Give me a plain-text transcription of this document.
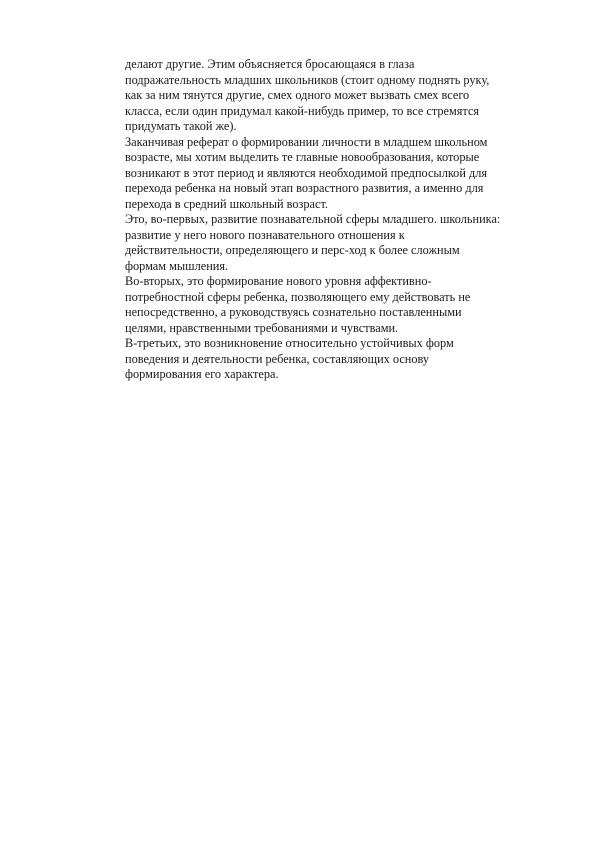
делают другие. Этим объясняется бросающаяся в глаза
подражательность младших школьников (стоит одному поднять руку,
как за ним тянутся другие, смех одного может вызвать смех всего
класса, если один придумал какой-нибудь пример, то все стремятся
придумать такой же).
Заканчивая реферат о формировании личности в младшем школьном
возрасте, мы хотим выделить те главные новообразования, которые
возникают в этот период и являются необходимой предпосылкой для
перехода ребенка на новый этап возрастного развития, а именно для
перехода в средний школьный возраст.
Это, во-первых, развитие познавательной сферы младшего. школьника:
развитие у него нового познавательного отношения к
действительности, определяющего и перс-ход к более сложным
формам мышления.
Во-вторых, это формирование нового уровня аффективно-
потребностной сферы ребенка, позволяющего ему действовать не
непосредственно, а руководствуясь сознательно поставленными
целями, нравственными требованиями и чувствами.
В-третьих, это возникновение относительно устойчивых форм
поведения и деятельности ребенка, составляющих основу
формирования его характера.
